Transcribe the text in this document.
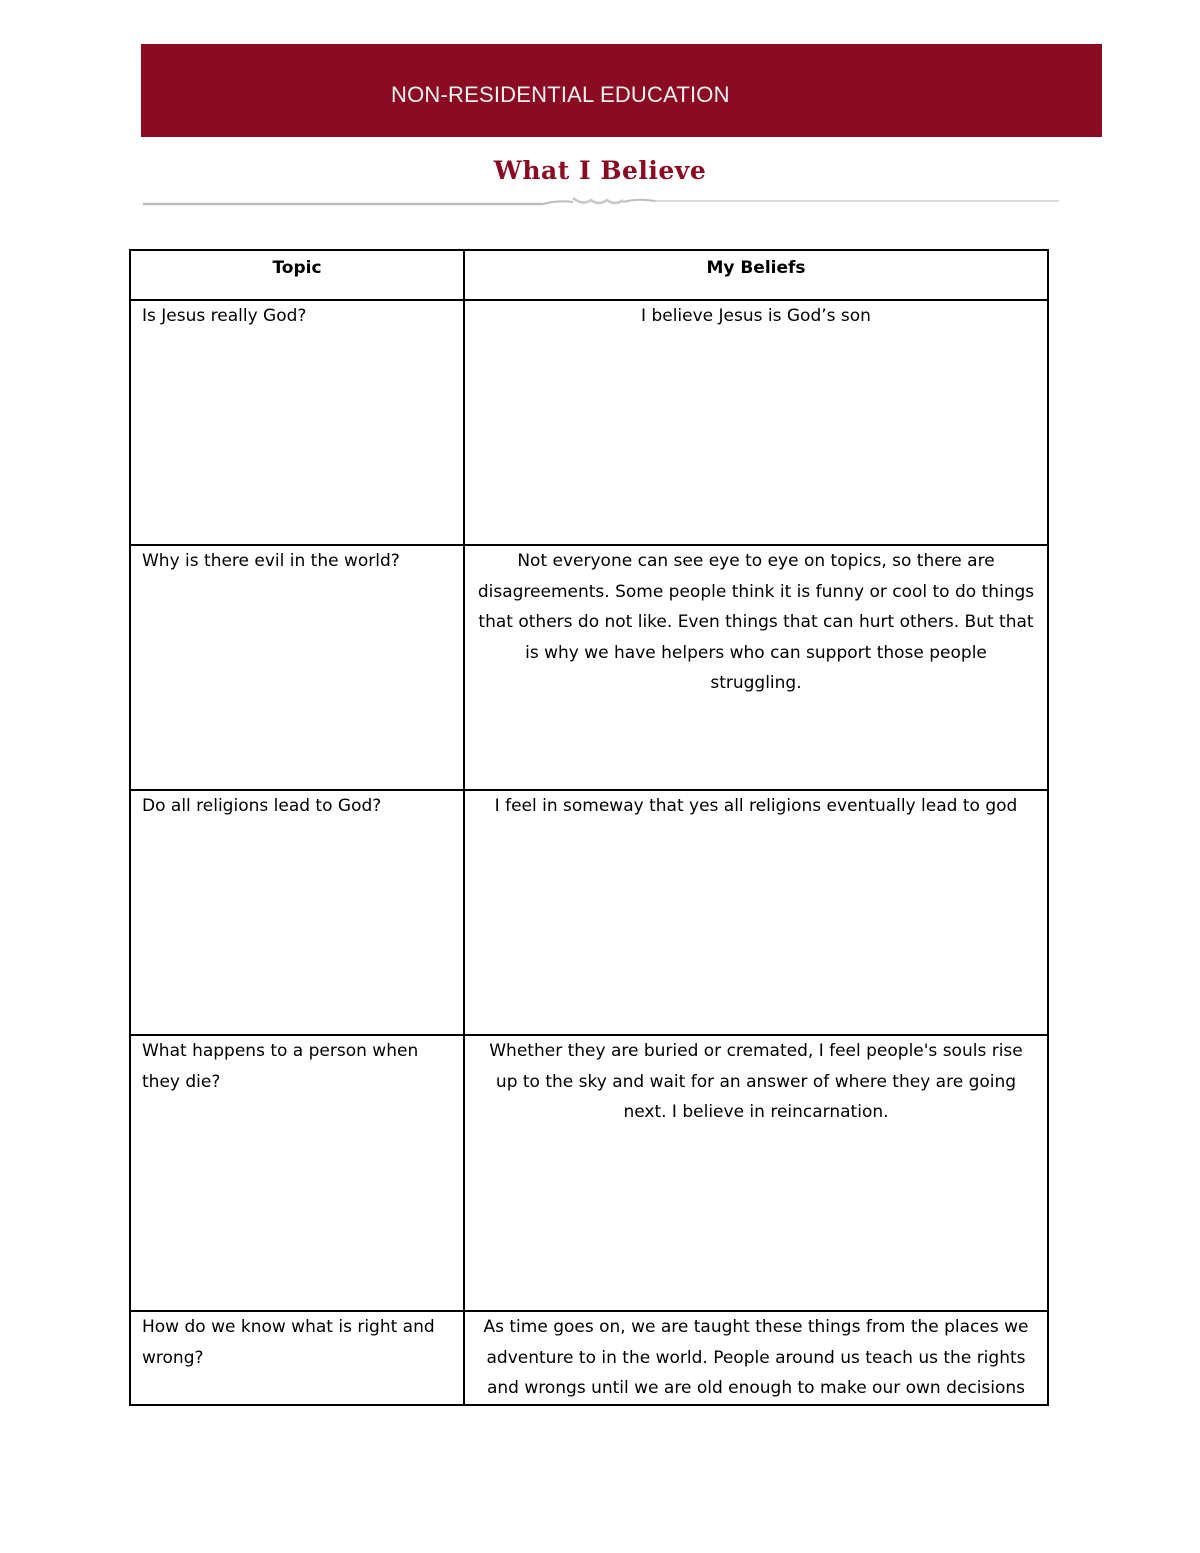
NON-RESIDENTIAL EDUCATION
What I Believe
Topic	My Beliefs
Is Jesus really God?	I believe Jesus is God’s son
Why is there evil in the world?	Not everyone can see eye to eye on topics, so there are disagreements. Some people think it is funny or cool to do things that others do not like. Even things that can hurt others. But that is why we have helpers who can support those people struggling.
Do all religions lead to God?	I feel in someway that yes all religions eventually lead to god
What happens to a person when they die?	Whether they are buried or cremated, I feel people's souls rise up to the sky and wait for an answer of where they are going next. I believe in reincarnation.
How do we know what is right and wrong?	As time goes on, we are taught these things from the places we adventure to in the world. People around us teach us the rights and wrongs until we are old enough to make our own decisions
